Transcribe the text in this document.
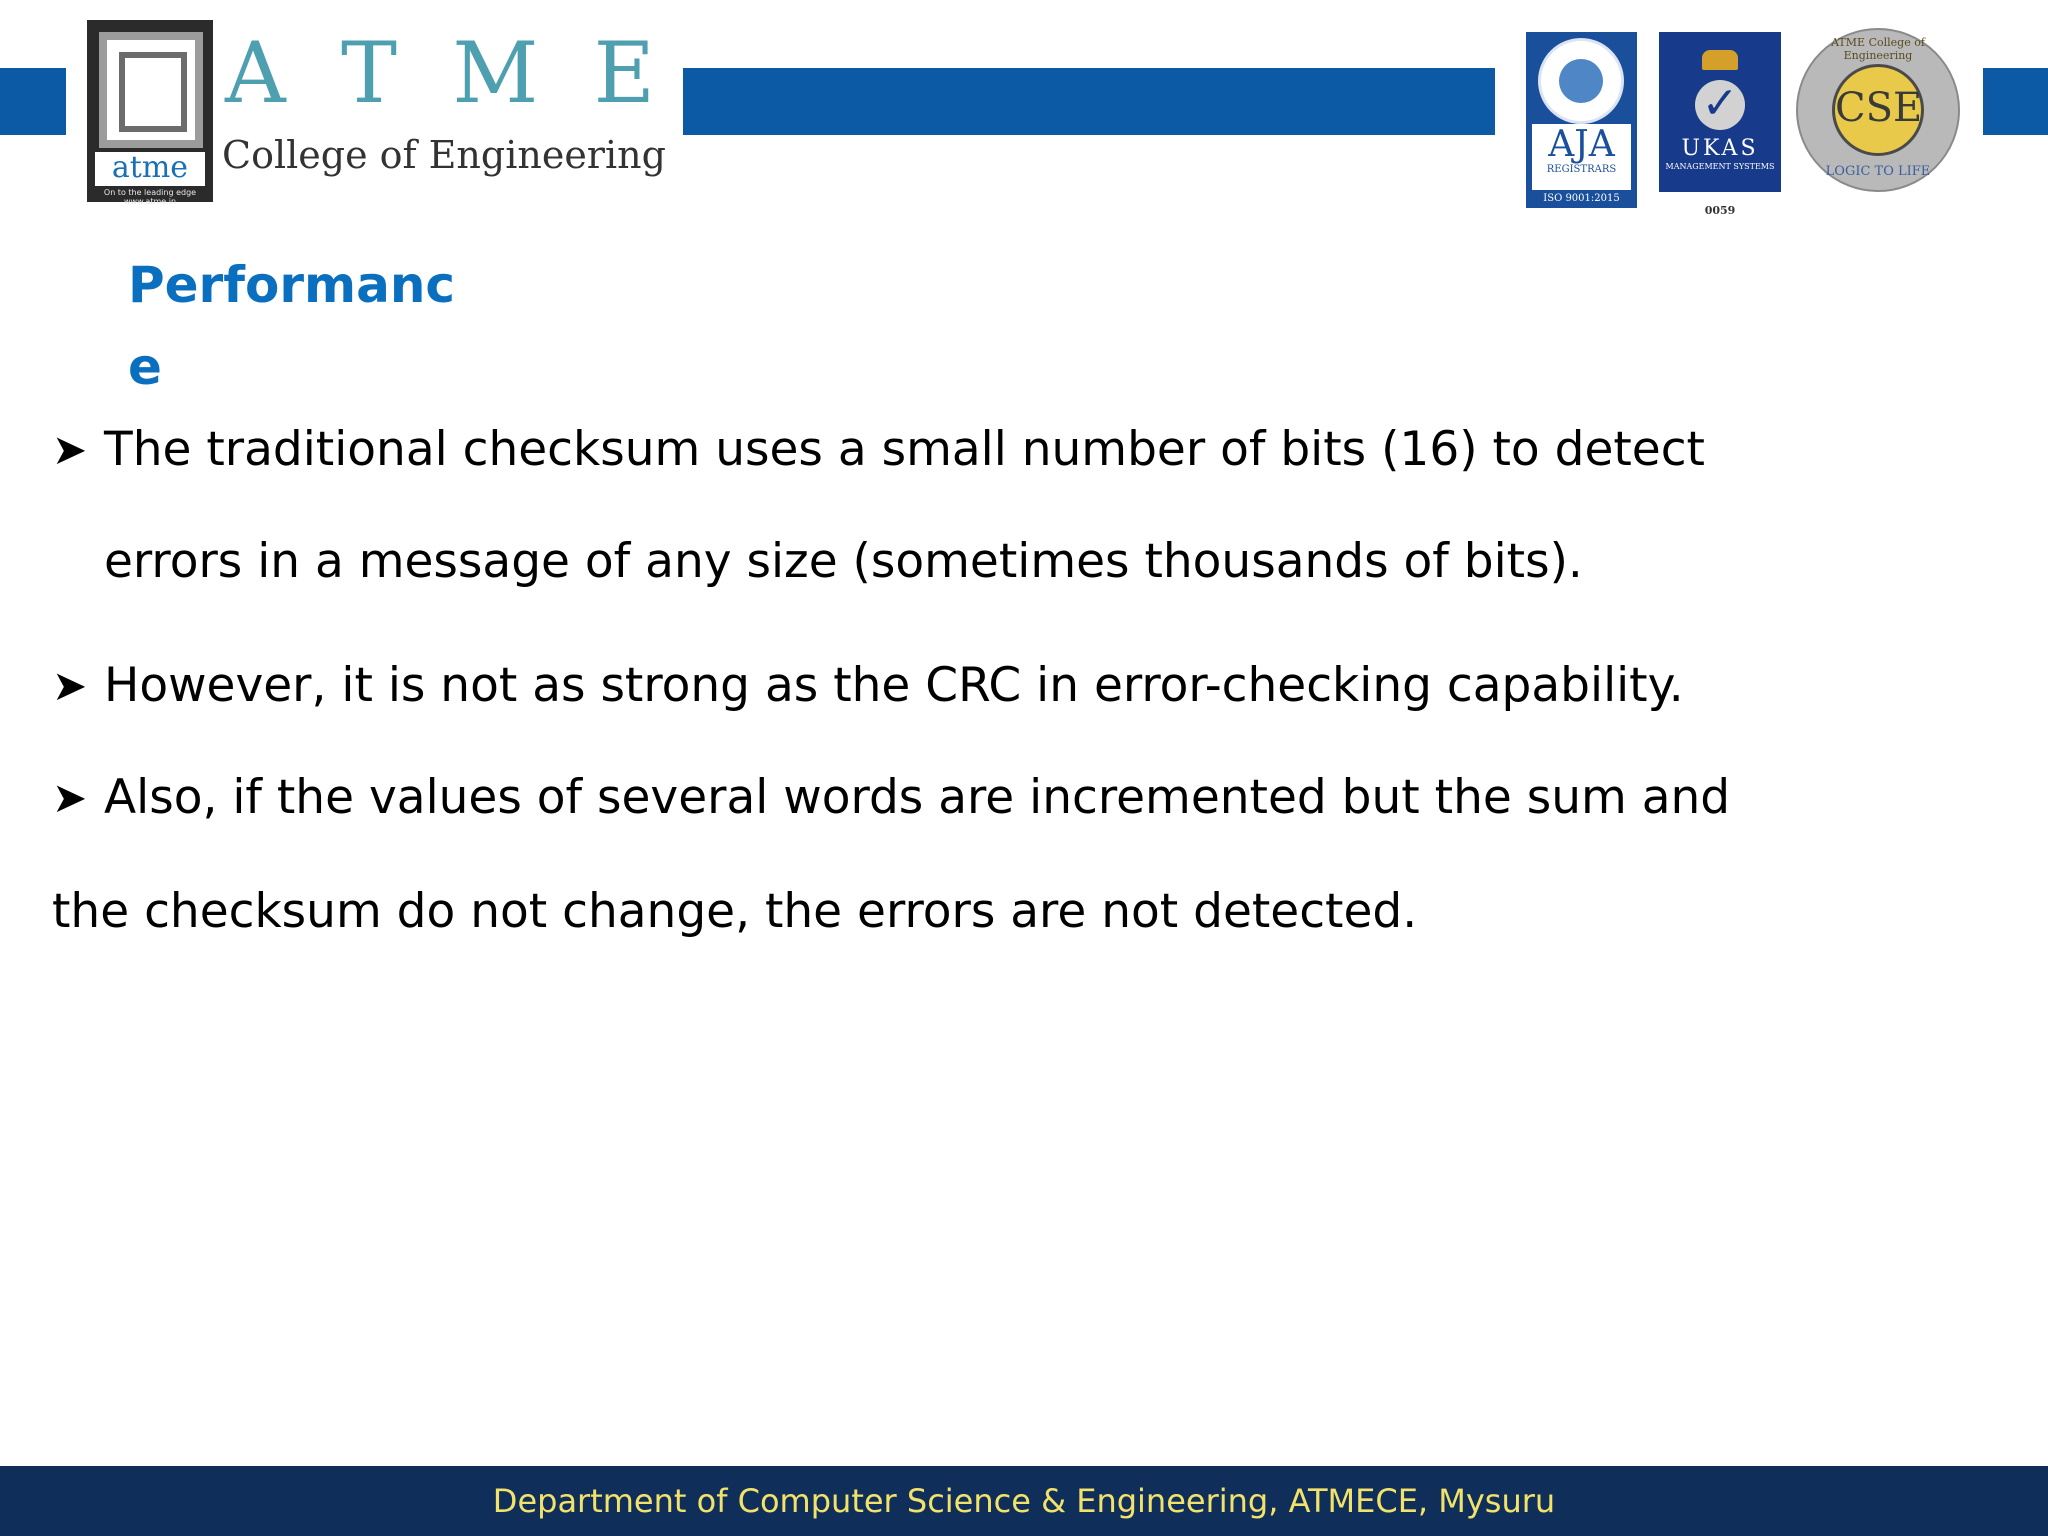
atme
On to the leading edge www.atme.in
A T M E
College of Engineering	AJA
REGISTRARS
ISO 9001:2015
✓
UKAS
MANAGEMENT SYSTEMS
0059
ATME College of Engineering
CSE
LOGIC TO LIFE
Performance
➤ The traditional checksum uses a small number of bits (16) to detect
errors in a message of any size (sometimes thousands of bits).
➤ However, it is not as strong as the CRC in error-checking capability.
➤ Also, if the values of several words are incremented but the sum and
the checksum do not change, the errors are not detected.
Department of Computer Science & Engineering, ATMECE, Mysuru
